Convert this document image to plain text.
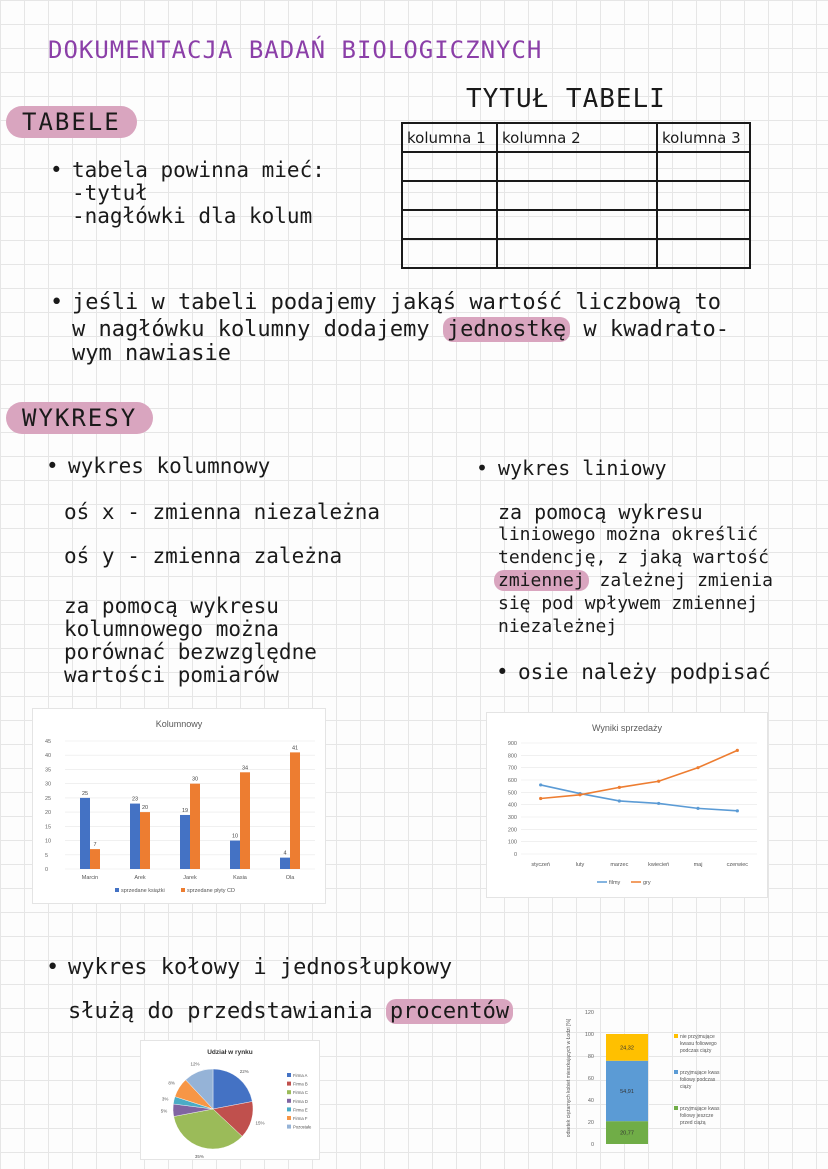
DOKUMENTACJA BADAŃ BIOLOGICZNYCH
TABELE
• tabela powinna mieć:
-tytuł
-nagłówki dla kolum
TYTUŁ TABELI
kolumna 1	kolumna 2	kolumna 3

• jeśli w tabeli podajemy jakąś wartość liczbową to
w nagłówku kolumny dodajemy jednostkę w kwadrato-
wym nawiasie
WYKRESY
• wykres kolumnowy
oś x - zmienna niezależna
oś y - zmienna zależna
za pomocą wykresu
kolumnowego można
porównać bezwzględne
wartości pomiarów
• wykres liniowy
za pomocą wykresu
liniowego można określić
tendencję, z jaką wartość
zmiennej zależnej zmienia
się pod wpływem zmiennej
niezależnej
• osie należy podpisać
Kolumnowy
0
5
10
15
20
25
30
35
40
45
25
7
Marcin
23
20
Arek
19
30
Jarek
10
34
Kasia
4
41
Ola
sprzedane książki	sprzedane płyty CD
Wyniki sprzedaży
0
100
200
300
400
500
600
700
800
900
styczeń	luty	marzec	kwiecień	maj	czerwiec
filmy	gry
• wykres kołowy i jednosłupkowy
służą do przedstawiania procentów
Udział w rynku
22%
15%
35%
5%
3%
8%
12%
Firma A
Firma B
Firma C
Firma D
Firma E
Firma F
Pozostałe	odsetek ciężarnych kobiet mieszkających w Łodzi [%]
0
20
40
60
80
100
120
20,77
54,91
24,32
nie przyjmujące
kwasu foliowego
podczas ciąży
przyjmujące kwas
foliowy podczas
ciąży
przyjmujące kwas
foliowy jeszcze
przed ciążą
